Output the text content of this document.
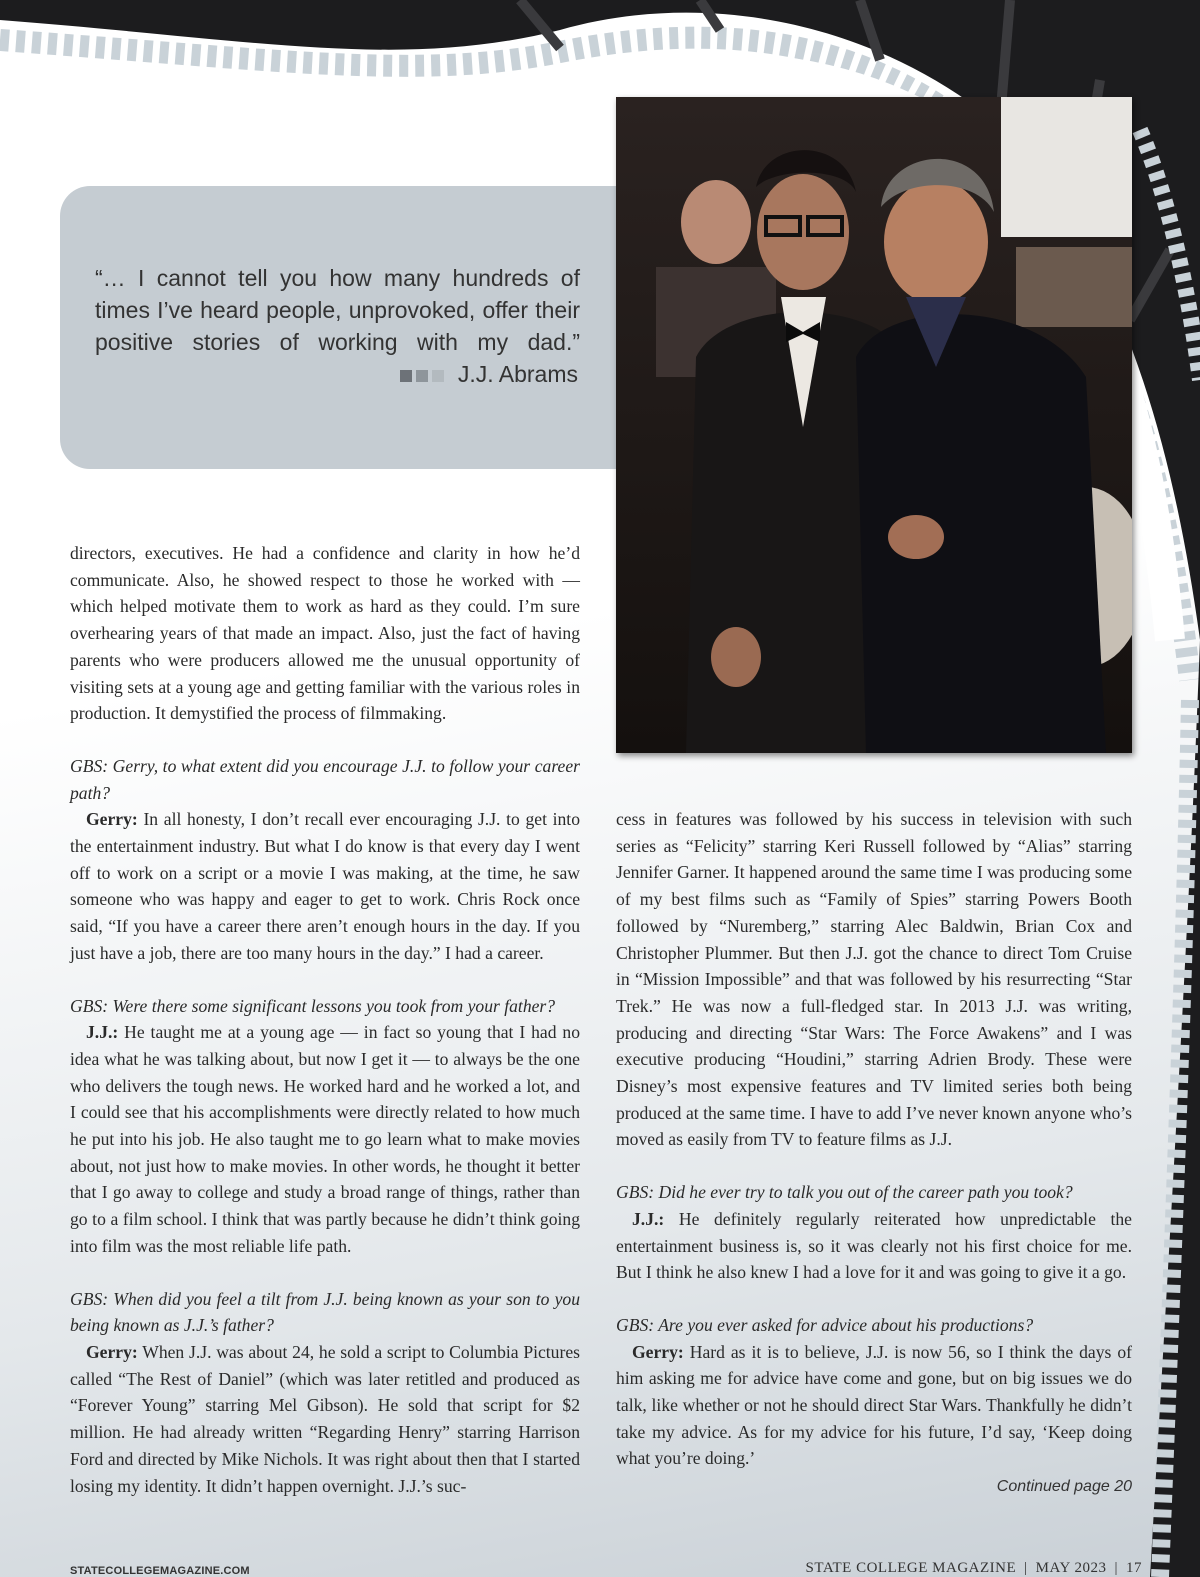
“… I cannot tell you how many hundreds of times I’ve heard people, unprovoked, offer their positive stories of working with my dad.”
J.J. Abrams

directors, executives. He had a confidence and clarity in how he’d communicate. Also, he showed respect to those he worked with — which helped motivate them to work as hard as they could. I’m sure overhearing years of that made an impact. Also, just the fact of having parents who were producers allowed me the unusual opportunity of visiting sets at a young age and getting familiar with the various roles in production. It demystified the process of filmmaking.

GBS: Gerry, to what extent did you encourage J.J. to follow your career path?

Gerry: In all honesty, I don’t recall ever encouraging J.J. to get into the entertainment industry. But what I do know is that every day I went off to work on a script or a movie I was making, at the time, he saw someone who was happy and eager to get to work. Chris Rock once said, “If you have a career there aren’t enough hours in the day. If you just have a job, there are too many hours in the day.” I had a career.

GBS: Were there some significant lessons you took from your father?

J.J.: He taught me at a young age — in fact so young that I had no idea what he was talking about, but now I get it — to always be the one who delivers the tough news. He worked hard and he worked a lot, and I could see that his accomplishments were directly related to how much he put into his job. He also taught me to go learn what to make movies about, not just how to make movies. In other words, he thought it better that I go away to college and study a broad range of things, rather than go to a film school. I think that was partly because he didn’t think going into film was the most reliable life path.

GBS: When did you feel a tilt from J.J. being known as your son to you being known as J.J.’s father?

Gerry: When J.J. was about 24, he sold a script to Columbia Pictures called “The Rest of Daniel” (which was later retitled and produced as “Forever Young” starring Mel Gibson). He sold that script for $2 million. He had already written “Regarding Henry” starring Harrison Ford and directed by Mike Nichols. It was right about then that I started losing my identity. It didn’t happen overnight. J.J.’s suc-

cess in features was followed by his success in television with such series as “Felicity” starring Keri Russell followed by “Alias” starring Jennifer Garner. It happened around the same time I was producing some of my best films such as “Family of Spies” starring Powers Booth followed by “Nuremberg,” starring Alec Baldwin, Brian Cox and Christopher Plummer. But then J.J. got the chance to direct Tom Cruise in “Mission Impossible” and that was followed by his resurrecting “Star Trek.” He was now a full-fledged star. In 2013 J.J. was writing, producing and directing “Star Wars: The Force Awakens” and I was executive producing “Houdini,” starring Adrien Brody. These were Disney’s most expensive features and TV limited series both being produced at the same time. I have to add I’ve never known anyone who’s moved as easily from TV to feature films as J.J.

GBS: Did he ever try to talk you out of the career path you took?

J.J.: He definitely regularly reiterated how unpredictable the entertainment business is, so it was clearly not his first choice for me. But I think he also knew I had a love for it and was going to give it a go.

GBS: Are you ever asked for advice about his productions?

Gerry: Hard as it is to believe, J.J. is now 56, so I think the days of him asking me for advice have come and gone, but on big issues we do talk, like whether or not he should direct Star Wars. Thankfully he didn’t take my advice. As for my advice for his future, I’d say, ‘Keep doing what you’re doing.’

Continued page 20
STATECOLLEGEMAGAZINE.COM	STATE COLLEGE MAGAZINE | MAY 2023 | 17
